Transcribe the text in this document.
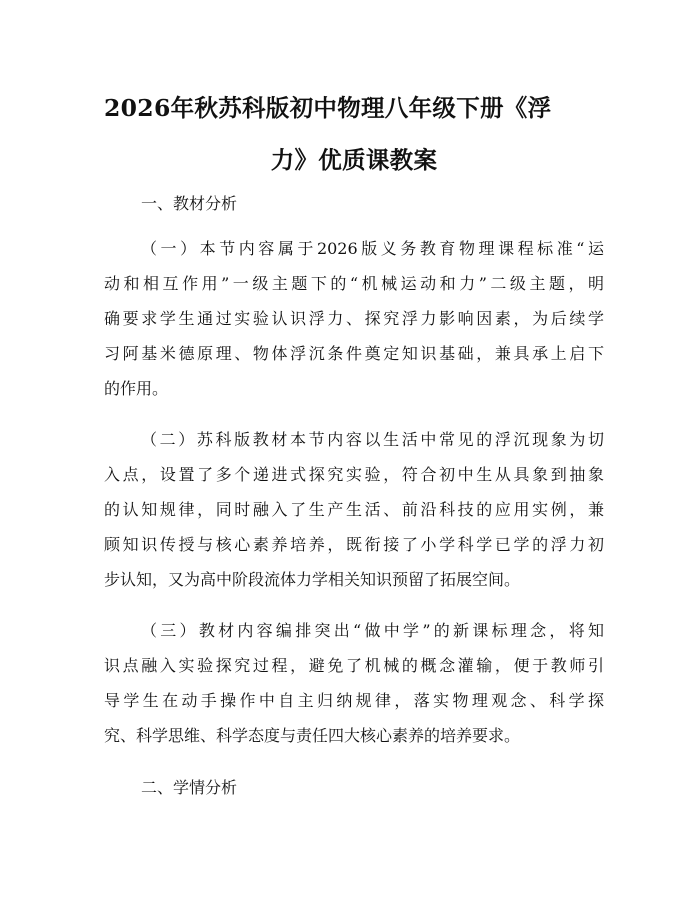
2026年秋苏科版初中物理八年级下册《浮
力》优质课教案
一、教材分析
（一）本节内容属于2026版义务教育物理课程标准“运
动和相互作用”一级主题下的“机械运动和力”二级主题，明
确要求学生通过实验认识浮力、探究浮力影响因素，为后续学
习阿基米德原理、物体浮沉条件奠定知识基础，兼具承上启下
的作用。
（二）苏科版教材本节内容以生活中常见的浮沉现象为切
入点，设置了多个递进式探究实验，符合初中生从具象到抽象
的认知规律，同时融入了生产生活、前沿科技的应用实例，兼
顾知识传授与核心素养培养，既衔接了小学科学已学的浮力初
步认知，又为高中阶段流体力学相关知识预留了拓展空间。
（三）教材内容编排突出“做中学”的新课标理念，将知
识点融入实验探究过程，避免了机械的概念灌输，便于教师引
导学生在动手操作中自主归纳规律，落实物理观念、科学探
究、科学思维、科学态度与责任四大核心素养的培养要求。
二、学情分析
